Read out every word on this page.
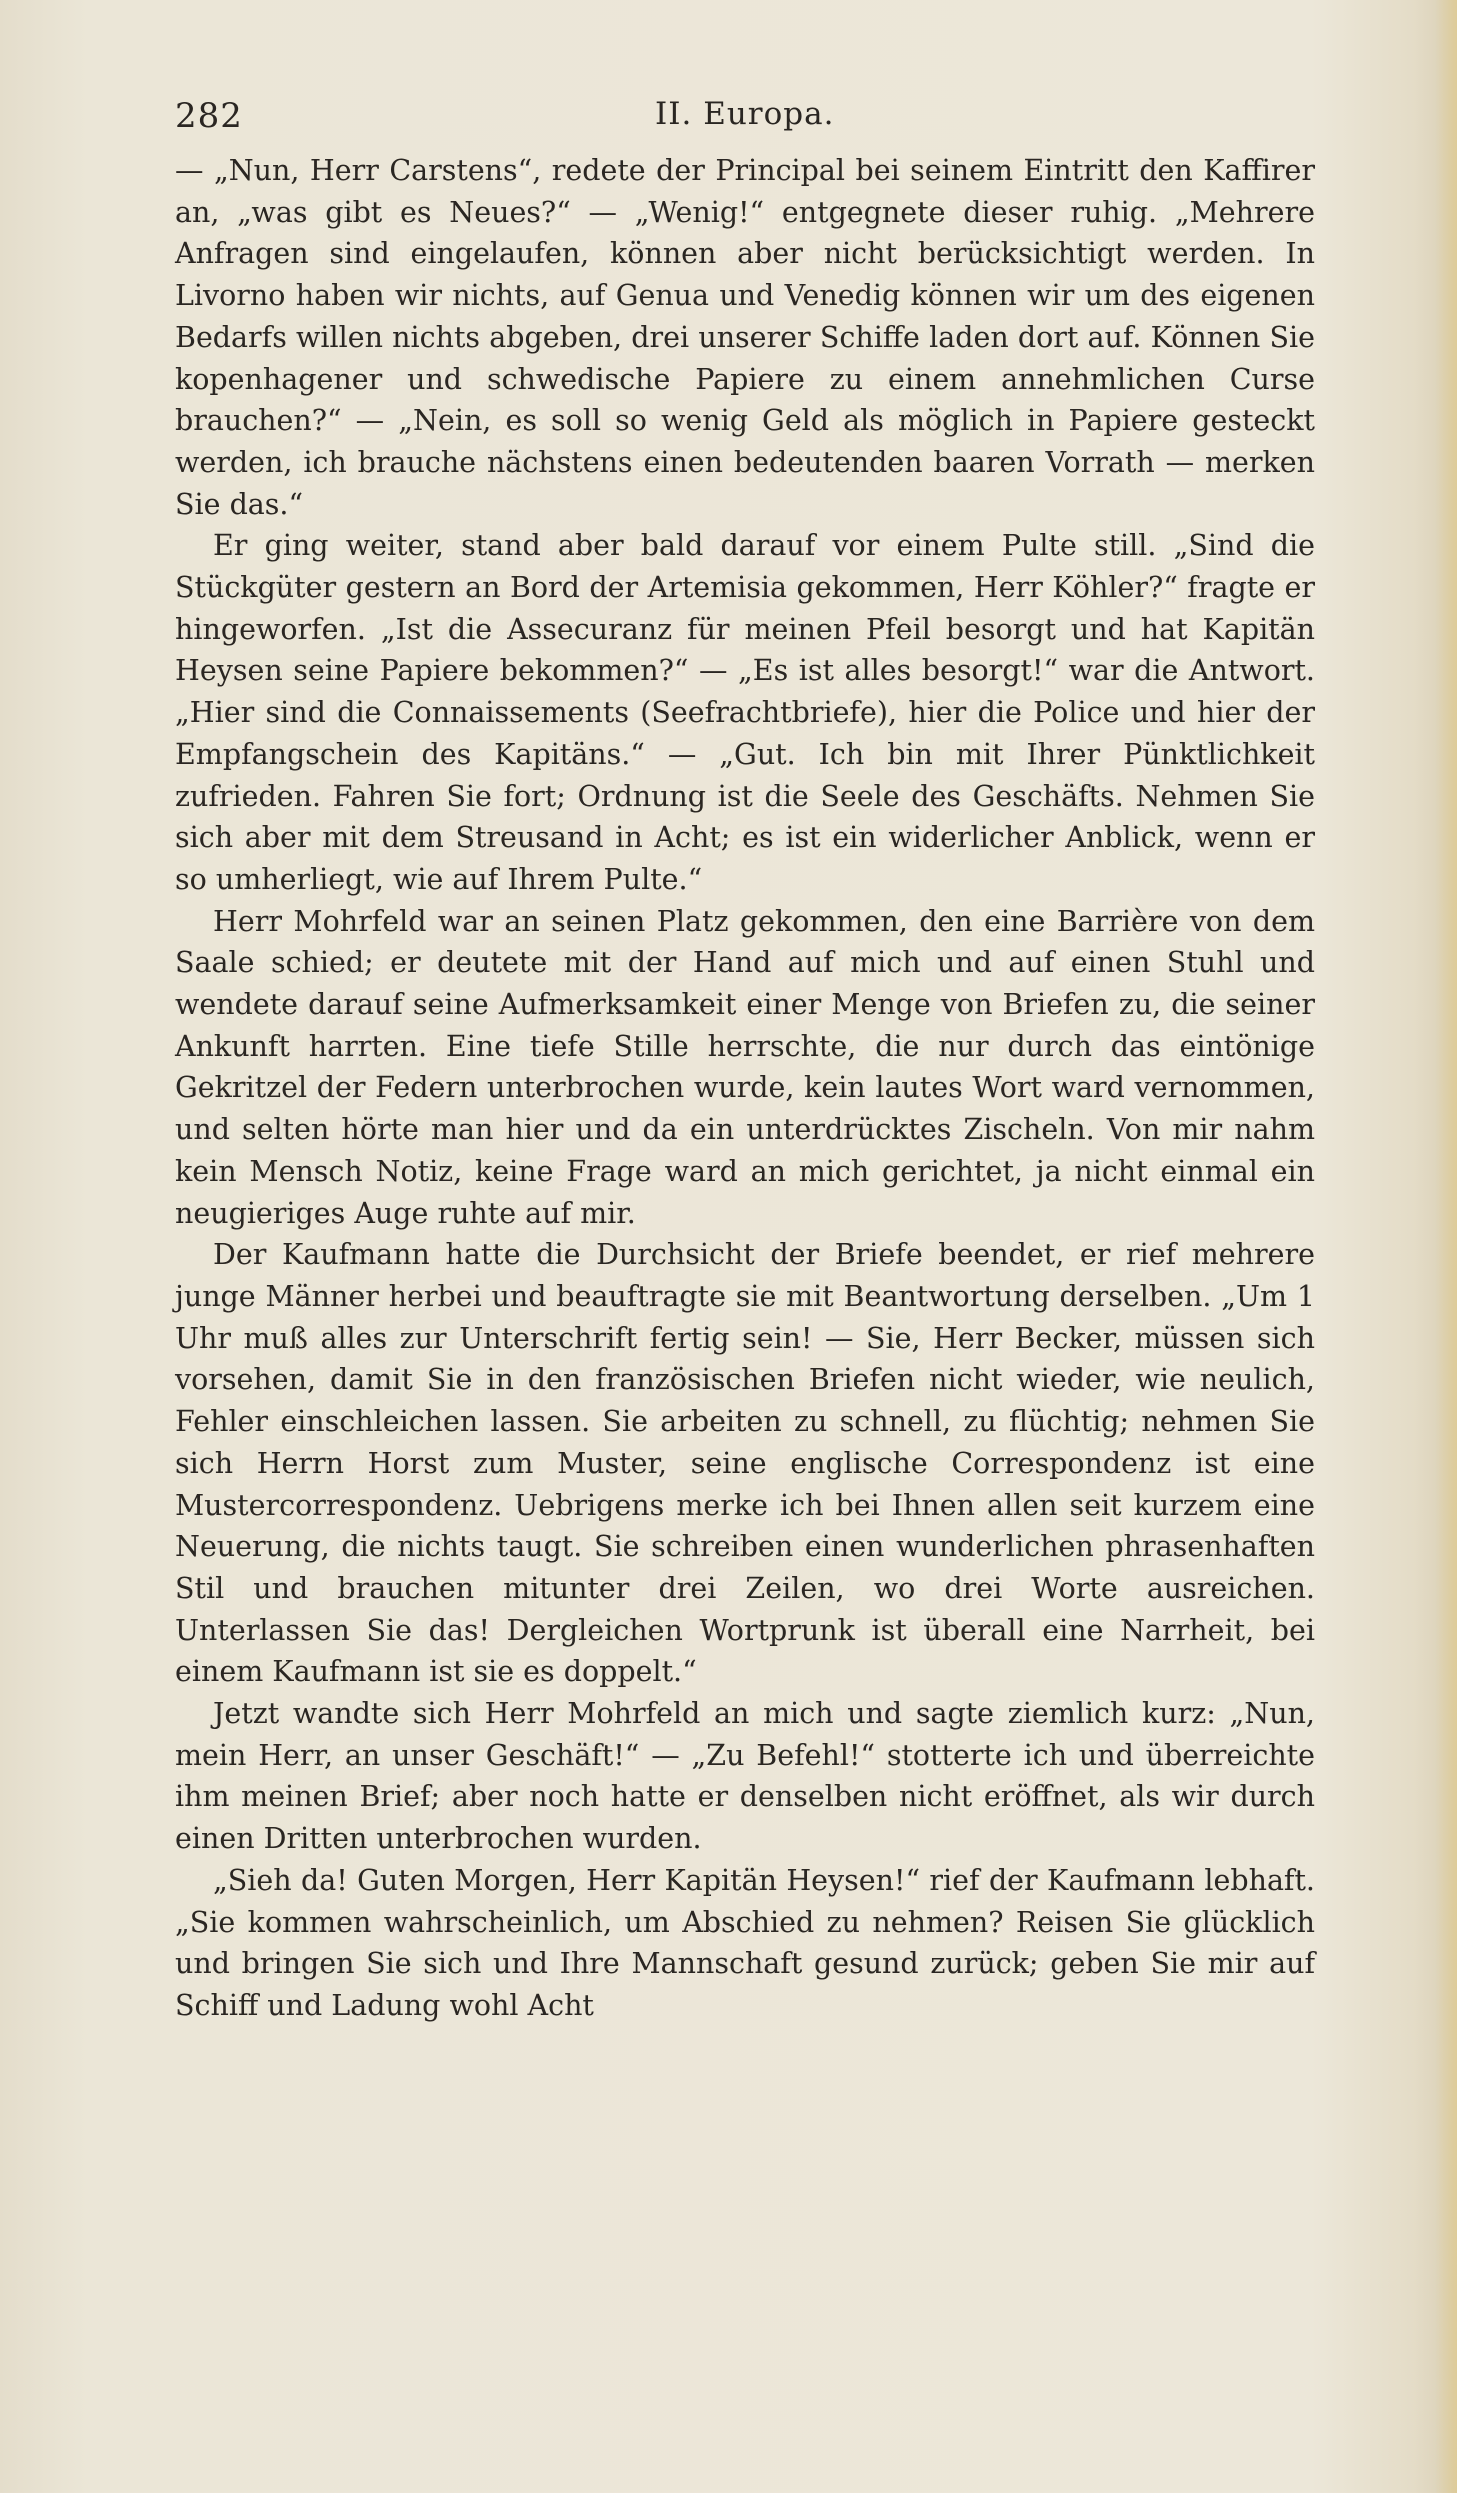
282	II. Europa.

— „Nun, Herr Carstens“, redete der Principal bei seinem Eintritt den Kaffirer an, „was gibt es Neues?“ — „Wenig!“ entgegnete dieser ruhig. „Mehrere Anfragen sind eingelaufen, können aber nicht berücksichtigt werden. In Livorno haben wir nichts, auf Genua und Venedig können wir um des eigenen Bedarfs willen nichts abgeben, drei unserer Schiffe laden dort auf. Können Sie kopenhagener und schwedische Papiere zu einem annehmlichen Curse brauchen?“ — „Nein, es soll so wenig Geld als möglich in Papiere gesteckt werden, ich brauche nächstens einen bedeutenden baaren Vorrath — merken Sie das.“

Er ging weiter, stand aber bald darauf vor einem Pulte still. „Sind die Stückgüter gestern an Bord der Artemisia gekommen, Herr Köhler?“ fragte er hingeworfen. „Ist die Assecuranz für meinen Pfeil besorgt und hat Kapitän Heysen seine Papiere bekommen?“ — „Es ist alles besorgt!“ war die Antwort. „Hier sind die Connaissements (Seefrachtbriefe), hier die Police und hier der Empfangschein des Kapitäns.“ — „Gut. Ich bin mit Ihrer Pünktlichkeit zufrieden. Fahren Sie fort; Ordnung ist die Seele des Geschäfts. Nehmen Sie sich aber mit dem Streusand in Acht; es ist ein widerlicher Anblick, wenn er so umherliegt, wie auf Ihrem Pulte.“

Herr Mohrfeld war an seinen Platz gekommen, den eine Barrière von dem Saale schied; er deutete mit der Hand auf mich und auf einen Stuhl und wendete darauf seine Aufmerksamkeit einer Menge von Briefen zu, die seiner Ankunft harrten. Eine tiefe Stille herrschte, die nur durch das eintönige Gekritzel der Federn unterbrochen wurde, kein lautes Wort ward vernommen, und selten hörte man hier und da ein unterdrücktes Zischeln. Von mir nahm kein Mensch Notiz, keine Frage ward an mich gerichtet, ja nicht einmal ein neugieriges Auge ruhte auf mir.

Der Kaufmann hatte die Durchsicht der Briefe beendet, er rief mehrere junge Männer herbei und beauftragte sie mit Beantwortung derselben. „Um 1 Uhr muß alles zur Unterschrift fertig sein! — Sie, Herr Becker, müssen sich vorsehen, damit Sie in den französischen Briefen nicht wieder, wie neulich, Fehler einschleichen lassen. Sie arbeiten zu schnell, zu flüchtig; nehmen Sie sich Herrn Horst zum Muster, seine englische Correspondenz ist eine Mustercorrespondenz. Uebrigens merke ich bei Ihnen allen seit kurzem eine Neuerung, die nichts taugt. Sie schreiben einen wunderlichen phrasenhaften Stil und brauchen mitunter drei Zeilen, wo drei Worte ausreichen. Unterlassen Sie das! Dergleichen Wortprunk ist überall eine Narrheit, bei einem Kaufmann ist sie es doppelt.“

Jetzt wandte sich Herr Mohrfeld an mich und sagte ziemlich kurz: „Nun, mein Herr, an unser Geschäft!“ — „Zu Befehl!“ stotterte ich und überreichte ihm meinen Brief; aber noch hatte er denselben nicht eröffnet, als wir durch einen Dritten unterbrochen wurden.

„Sieh da! Guten Morgen, Herr Kapitän Heysen!“ rief der Kaufmann lebhaft. „Sie kommen wahrscheinlich, um Abschied zu nehmen? Reisen Sie glücklich und bringen Sie sich und Ihre Mannschaft gesund zurück; geben Sie mir auf Schiff und Ladung wohl Acht
